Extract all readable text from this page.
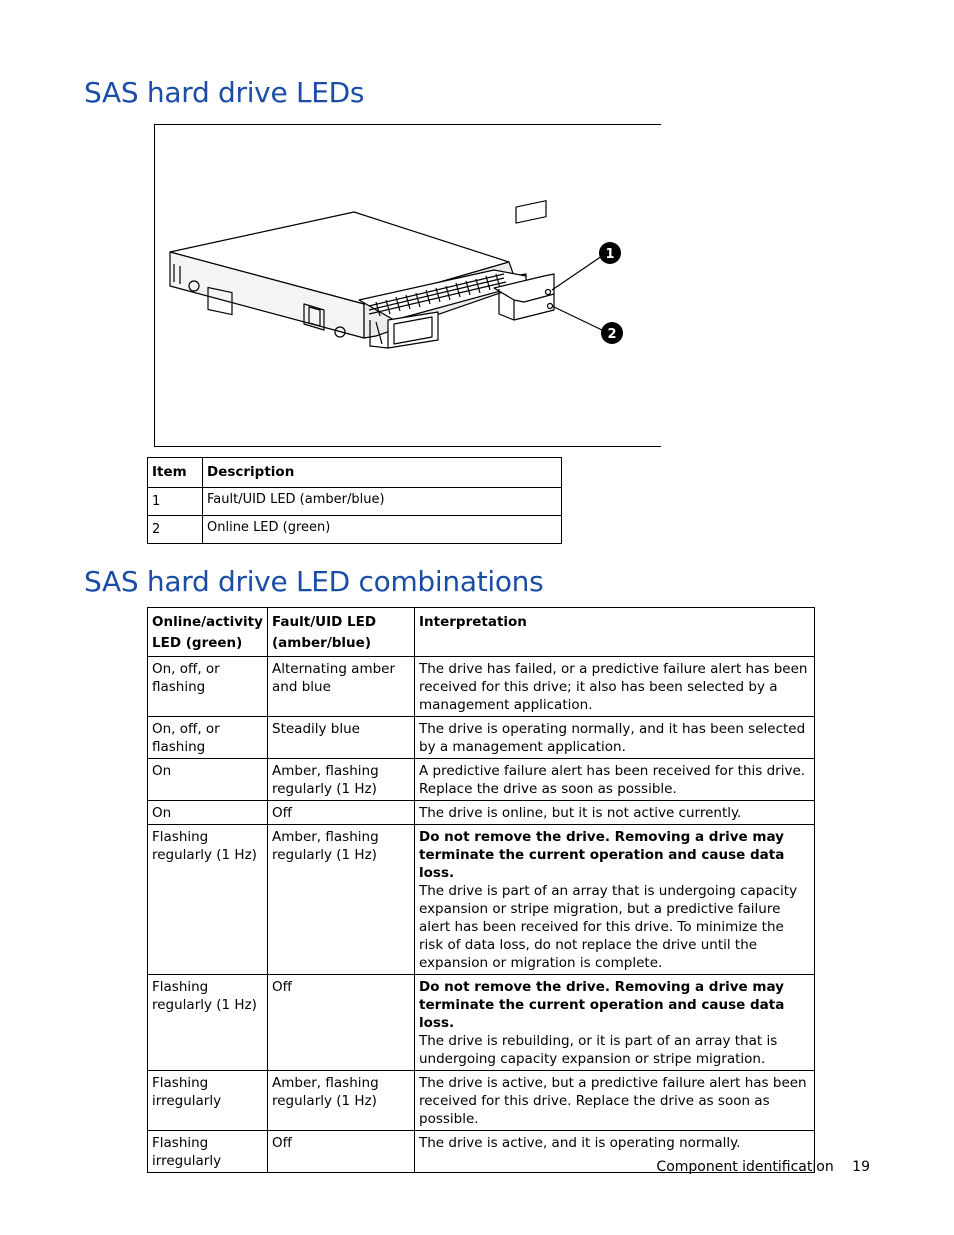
SAS hard drive LEDs
1
2
Item	Description
1	Fault/UID LED (amber/blue)
2	Online LED (green)
SAS hard drive LED combinations
Online/activity LED (green)	Fault/UID LED (amber/blue)	Interpretation
On, off, or flashing	Alternating amber and blue	The drive has failed, or a predictive failure alert has been received for this drive; it also has been selected by a management application.

On, off, or flashing	Steadily blue	The drive is operating normally, and it has been selected by a management application.

On	Amber, flashing regularly (1 Hz)	A predictive failure alert has been received for this drive. Replace the drive as soon as possible.

On	Off	The drive is online, but it is not active currently.

Flashing regularly (1 Hz)	Amber, flashing regularly (1 Hz)	Do not remove the drive. Removing a drive may terminate the current operation and cause data loss.
The drive is part of an array that is undergoing capacity expansion or stripe migration, but a predictive failure alert has been received for this drive. To minimize the risk of data loss, do not replace the drive until the expansion or migration is complete.

Flashing regularly (1 Hz)	Off	Do not remove the drive. Removing a drive may terminate the current operation and cause data loss.
The drive is rebuilding, or it is part of an array that is undergoing capacity expansion or stripe migration.

Flashing irregularly	Amber, flashing regularly (1 Hz)	The drive is active, but a predictive failure alert has been received for this drive. Replace the drive as soon as possible.

Flashing irregularly	Off	The drive is active, and it is operating normally.
Component identification 19
